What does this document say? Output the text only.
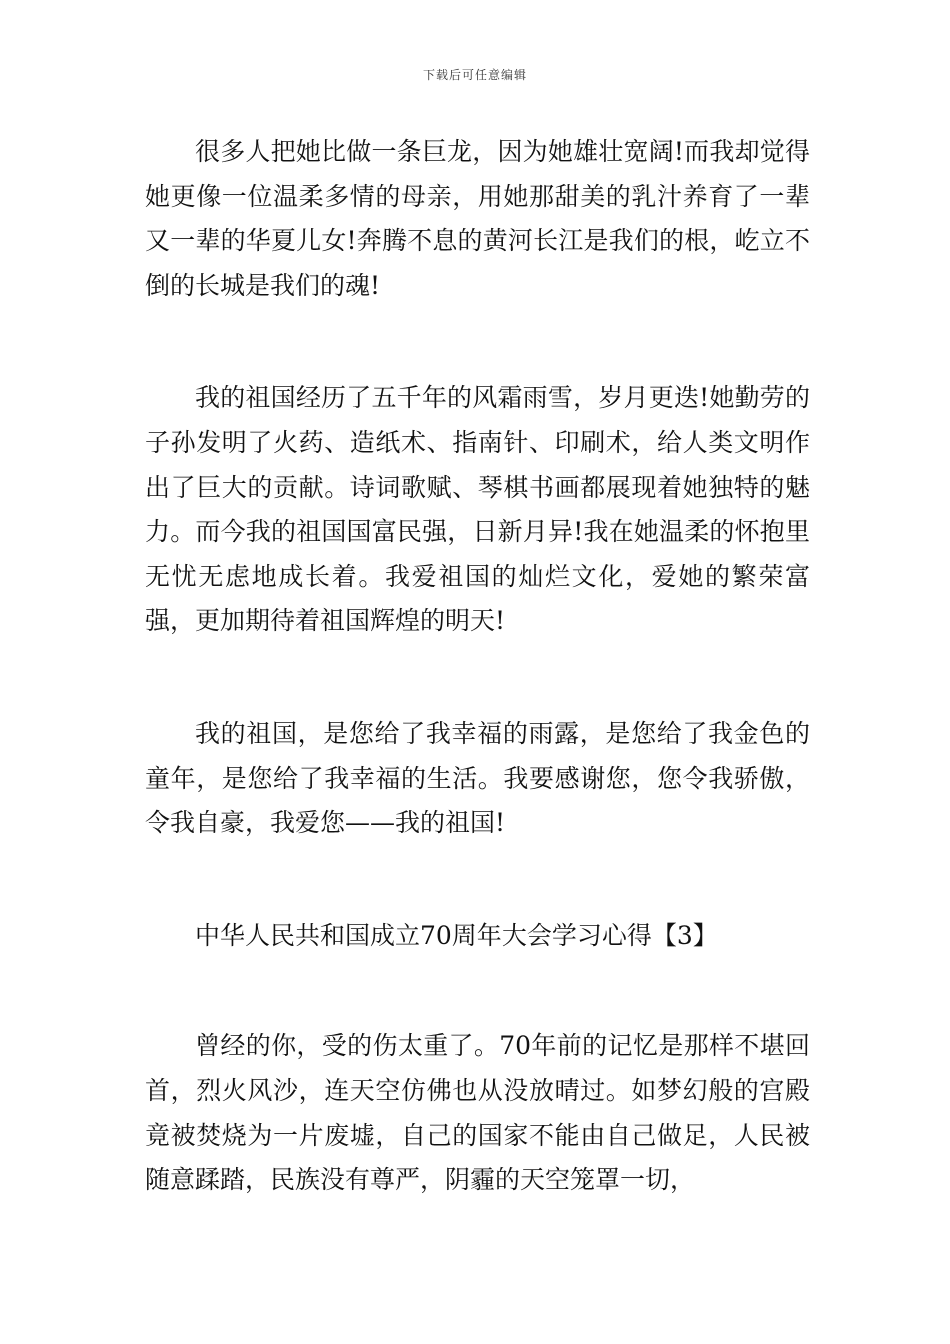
下载后可任意编辑

很多人把她比做一条巨龙，因为她雄壮宽阔!而我却觉得她更像一位温柔多情的母亲，用她那甜美的乳汁养育了一辈又一辈的华夏儿女!奔腾不息的黄河长江是我们的根，屹立不倒的长城是我们的魂!

我的祖国经历了五千年的风霜雨雪，岁月更迭!她勤劳的子孙发明了火药、造纸术、指南针、印刷术，给人类文明作出了巨大的贡献。诗词歌赋、琴棋书画都展现着她独特的魅力。而今我的祖国国富民强，日新月异!我在她温柔的怀抱里无忧无虑地成长着。我爱祖国的灿烂文化，爱她的繁荣富强，更加期待着祖国辉煌的明天!

我的祖国，是您给了我幸福的雨露，是您给了我金色的童年，是您给了我幸福的生活。我要感谢您，您令我骄傲，令我自豪，我爱您——我的祖国!

中华人民共和国成立70周年大会学习心得【3】

曾经的你，受的伤太重了。70年前的记忆是那样不堪回首，烈火风沙，连天空仿佛也从没放晴过。如梦幻般的宫殿竟被焚烧为一片废墟，自己的国家不能由自己做足，人民被随意蹂踏，民族没有尊严，阴霾的天空笼罩一切，
